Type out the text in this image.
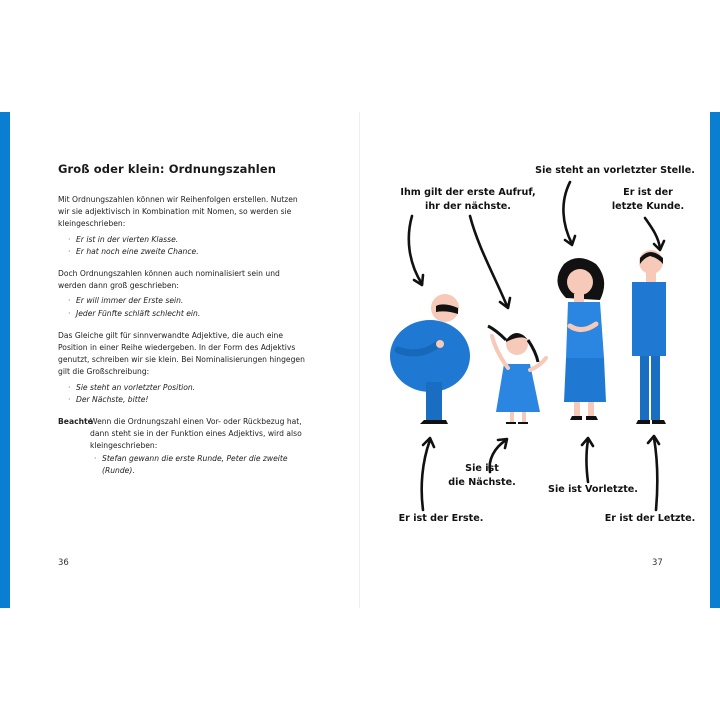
Groß oder klein: Ordnungszahlen

Mit Ordnungszahlen können wir Reihenfolgen erstellen. Nutzen wir sie adjektivisch in Kombination mit Nomen, so werden sie kleingeschrieben:

· Er ist in der vierten Klasse.
· Er hat noch eine zweite Chance.

Doch Ordnungszahlen können auch nominalisiert sein und werden dann groß geschrieben:

· Er will immer der Erste sein.
· Jeder Fünfte schläft schlecht ein.

Das Gleiche gilt für sinnverwandte Adjektive, die auch eine Position in einer Reihe wiedergeben. In der Form des Adjektivs genutzt, schreiben wir sie klein. Bei Nominalisierungen hingegen gilt die Großschreibung:

· Sie steht an vorletzter Position.
· Der Nächste, bitte!
Beachte
Wenn die Ordnungszahl einen Vor- oder Rückbezug hat, dann steht sie in der Funktion eines Adjektivs, wird also kleingeschrieben:
· Stefan gewann die erste Runde, Peter die zweite (Runde).
36
Ihm gilt der erste Aufruf,
ihr der nächste.
Sie steht an vorletzter Stelle.
Er ist der
letzte Kunde.
Er ist der Erste.
Sie ist
die Nächste.
Sie ist Vorletzte.
Er ist der Letzte.
37
